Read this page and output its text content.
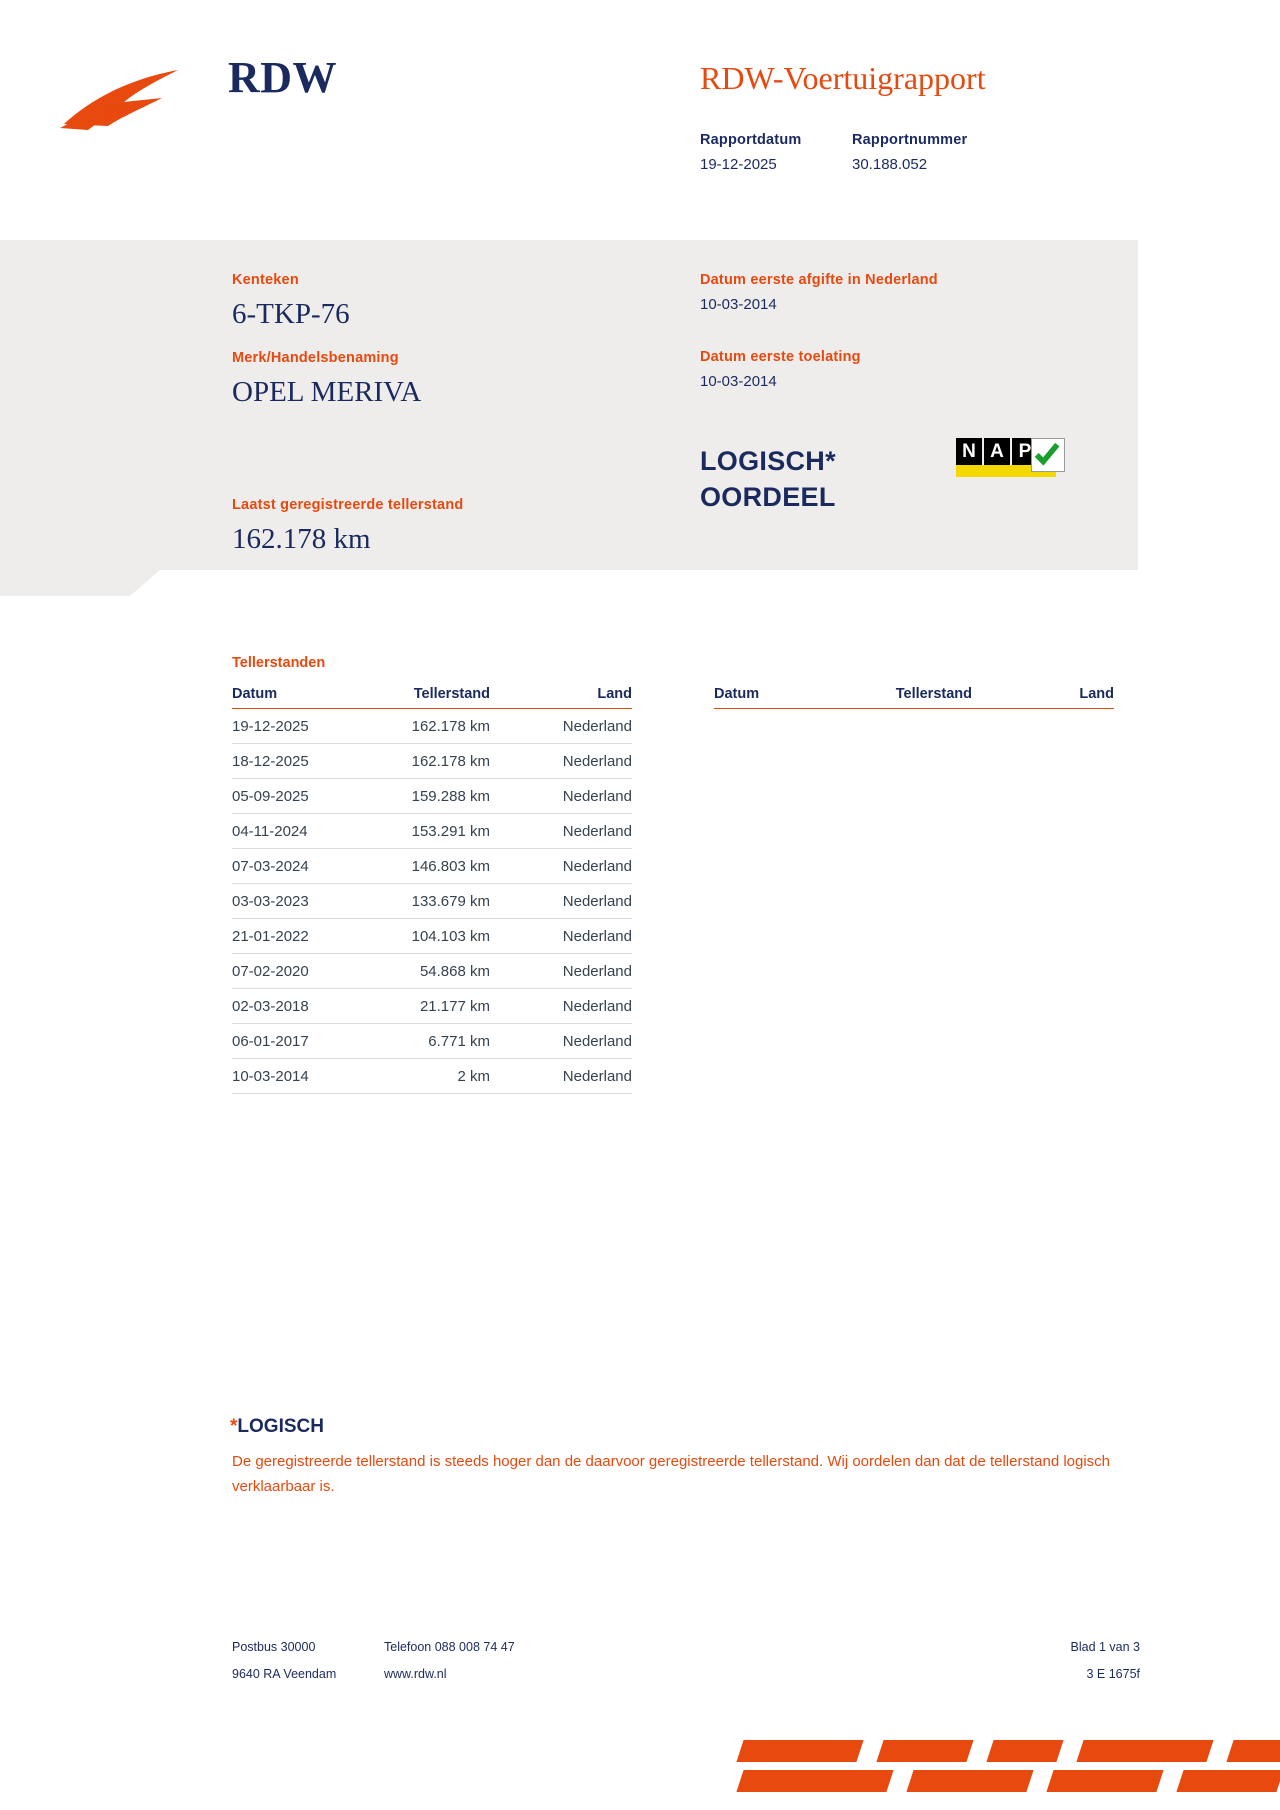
RDW	RDW-Voertuigrapport
Rapportdatum
19-12-2025
Rapportnummer
30.188.052
Kenteken
6-TKP-76
Merk/Handelsbenaming
OPEL MERIVA
Laatst geregistreerde tellerstand
162.178 km
Datum eerste afgifte in Nederland
10-03-2014
Datum eerste toelating
10-03-2014
LOGISCH*
OORDEEL
N A P
Tellerstanden
Datum	Tellerstand	Land
19-12-2025	162.178 km	Nederland
18-12-2025	162.178 km	Nederland
05-09-2025	159.288 km	Nederland
04-11-2024	153.291 km	Nederland
07-03-2024	146.803 km	Nederland
03-03-2023	133.679 km	Nederland
21-01-2022	104.103 km	Nederland
07-02-2020	54.868 km	Nederland
02-03-2018	21.177 km	Nederland
06-01-2017	6.771 km	Nederland
10-03-2014	2 km	Nederland
Datum	Tellerstand	Land
*LOGISCH
De geregistreerde tellerstand is steeds hoger dan de daarvoor geregistreerde tellerstand. Wij oordelen dan dat de tellerstand logisch verklaarbaar is.
Postbus 30000	Telefoon 088 008 74 47	Blad 1 van 3
9640 RA Veendam	www.rdw.nl	3 E 1675f
